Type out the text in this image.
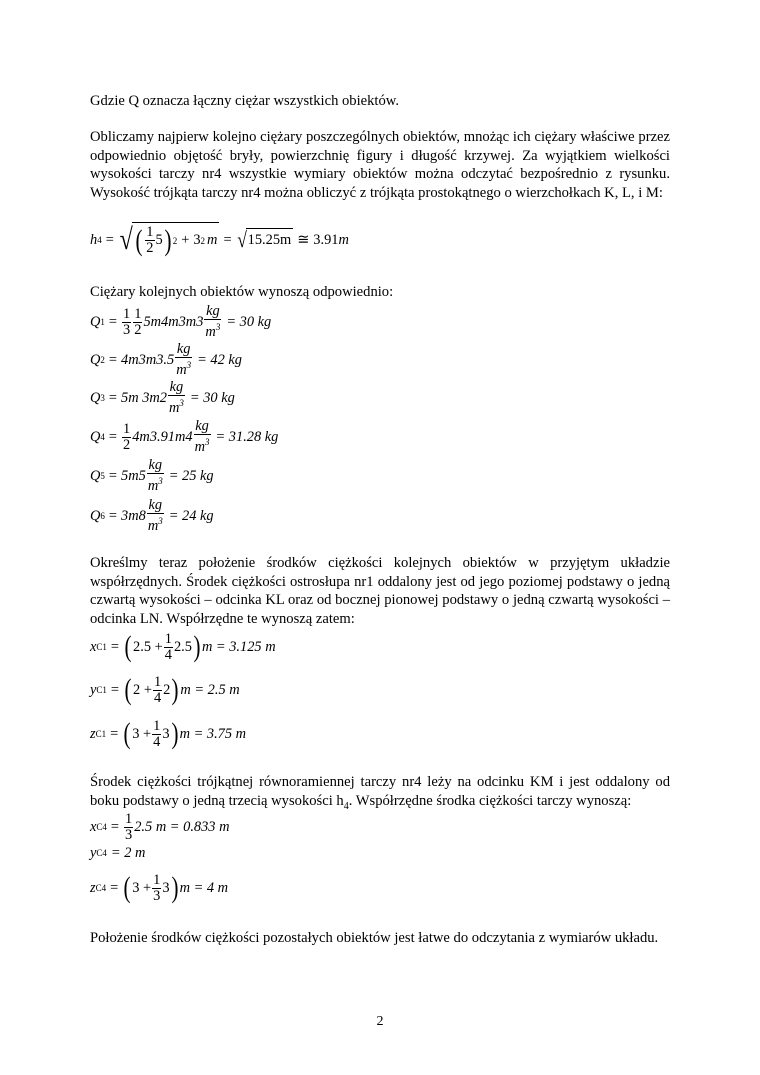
Gdzie Q oznacza łączny ciężar wszystkich obiektów.

Obliczamy najpierw kolejno ciężary poszczególnych obiektów, mnożąc ich ciężary właściwe przez odpowiednio objętość bryły, powierzchnię figury i długość krzywej. Za wyjątkiem wielkości wysokości tarczy nr4 wszystkie wymiary obiektów można odczytać bezpośrednio z rysunku. Wysokość trójkąta tarczy nr4 można obliczyć z trójkąta prostokątnego o wierzchołkach K, L, i M:

h 4 = √ ( $\frac{1}{2} 5$ ) 2 + 3 2 m = √ 15.25m ≅ 3.91 m

Ciężary kolejnych obiektów wynoszą odpowiednio:

Q $1 = \frac{1}{3} \frac{1}{2} 5m4m3m3 \frac{kg}{m^3} = 30$ kg
Q $2 = 4m3m3.5 \frac{kg}{m^3} = 42$ kg
Q 3 = 5m $3m2 \frac{kg}{m^3} = 30$ kg
Q $4 = \frac{1}{2} 4m3.91m4 \frac{kg}{m^3} = 31.28$ kg
Q $5 = 5m5 \frac{kg}{m^3} = 25$ kg
Q $6 = 3m8 \frac{kg}{m^3} = 24$ kg

Określmy teraz położenie środków ciężkości kolejnych obiektów w przyjętym układzie współrzędnych. Środek ciężkości ostrosłupa nr1 oddalony jest od jego poziomej podstawy o jedną czwartą wysokości – odcinka KL oraz od bocznej pionowej podstawy o jedną czwartą wysokości – odcinka LN. Współrzędne te wynoszą zatem:

x C1 = ( $2.5 + \frac{1}{4} 2.5$ ) m = 3.125 m
y C1 = ( $2 + \frac{1}{4} 2$ ) m = 2.5 m
z C1 = ( $3 + \frac{1}{4} 3$ ) m = 3.75 m

Środek ciężkości trójkątnej równoramiennej tarczy nr4 leży na odcinku KM i jest oddalony od boku podstawy o jedną trzecią wysokości $h_4$. Współrzędne środka ciężkości tarczy wynoszą:

x $C4 = \frac{1}{3} 2.5$ m = 0.833 m
y C4 = 2 m
z C4 = ( $3 + \frac{1}{3} 3$ ) m = 4 m

Położenie środków ciężkości pozostałych obiektów jest łatwe do odczytania z wymiarów układu.

2
